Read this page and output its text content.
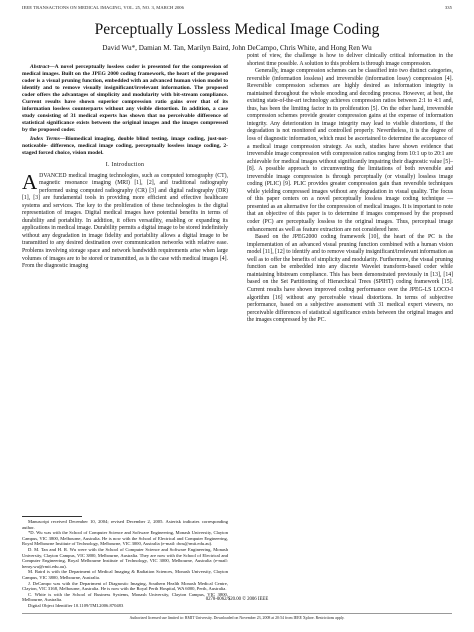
IEEE TRANSACTIONS ON MEDICAL IMAGING, VOL. 25, NO. 3, MARCH 2006	335
Perceptually Lossless Medical Image Coding
David Wu*, Damian M. Tan, Marilyn Baird, John DeCampo, Chris White, and Hong Ren Wu

Abstract—A novel perceptually lossless coder is presented for the compression of medical images. Built on the JPEG 2000 coding framework, the heart of the proposed coder is a visual pruning function, embedded with an advanced human vision model to identify and to remove visually insignificant/irrelevant information. The proposed coder offers the advantages of simplicity and modularity with bit-stream compliance. Current results have shown superior compression ratio gains over that of its information lossless counterparts without any visible distortion. In addition, a case study consisting of 31 medical experts has shown that no perceivable difference of statistical significance exists between the original images and the images compressed by the proposed coder.

Index Terms—Biomedical imaging, double blind testing, image coding, just-not-noticeable- difference, medical image coding, perceptually lossless image coding, 2-staged forced choice, vision model.

I. Introduction
A DVANCED medical imaging technologies, such as computed tomography (CT), magnetic resonance imaging (MRI) [1], [2], and traditional radiography performed using computed radiography (CR) [3] and digital radiography (DR) [1], [3] are fundamental tools in providing more efficient and effective healthcare systems and services. The key to the proliferation of these technologies is the digital representation of images. Digital medical images have potential benefits in terms of durability and portability. In addition, it offers versatility, enabling or expanding its applications in medical image. Durability permits a digital image to be stored indefinitely without any degradation in image fidelity and portability allows a digital image to be transmitted to any desired destination over communication networks with relative ease. Problems involving storage space and network bandwidth requirements arise when large volumes of images are to be stored or transmitted, as is the case with medical images [4]. From the diagnostic imaging

Manuscript received December 10, 2004; revised December 2, 2005. Asterisk indicates corresponding author.

*D. Wu was with the School of Computer Science and Software Engineering, Monash University, Clayton Campus, VIC 3800, Melbourne, Australia. He is now with the School of Electrical and Computer Engineering, Royal Melbourne Institute of Technology, Melbourne, VIC 3000, Australia (e-mail: dwu@rmit.edu.au).

D. M. Tan and H. R. Wu were with the School of Computer Science and Software Engineering, Monash University, Clayton Campus, VIC 3800, Melbourne, Australia. They are now with the School of Electrical and Computer Engineering, Royal Melbourne Institute of Technology, VIC 3000, Melbourne, Australia (e-mail: henry.wu@rmit.edu.au).

M. Baird is with the Department of Medical Imaging & Radiation Sciences, Monash University, Clayton Campus, VIC 3800, Melbourne, Australia.

J. DeCampo was with the Department of Diagnostic Imaging, Southern Health Monash Medical Centre, Clayton, VIC 3168, Melbourne, Australia. He is now with the Royal Perth Hospital, WA 6000, Perth, Australia.

C. White is with the School of Business Systems, Monash University, Clayton Campus, VIC 3800, Melbourne, Australia.

Digital Object Identifier 10.1109/TMI.2006.870483

point of view, the challenge is how to deliver clinically critical information in the shortest time possible. A solution to this problem is through image compression.

Generally, image compression schemes can be classified into two distinct categories, reversible (information lossless) and irreversible (information lossy) compression [4]. Reversible compression schemes are highly desired as information integrity is maintained throughout the whole encoding and decoding process. However, at best, the existing state-of-the-art technology achieves compression ratios between 2:1 to 4:1 and, thus, has been the limiting factor in its proliferation [5]. On the other hand, irreversible compression schemes provide greater compression gains at the expense of information integrity. Any deterioration in image integrity may lead to visible distortions, if the degradation is not monitored and controlled properly. Nevertheless, it is the degree of loss of diagnostic information, which must be ascertained to determine the acceptance of a medical image compression strategy. As such, studies have shown evidence that irreversible image compression with compression ratios ranging from 10:1 up to 20:1 are achievable for medical images without significantly impairing their diagnostic value [5]–[8]. A possible approach to circumventing the limitations of both reversible and irreversible image compression is through perceptually (or visually) lossless image coding (PLIC) [9]. PLIC provides greater compression gain than reversible techniques while yielding compressed images without any degradation in visual quality. The focus of this paper centers on a novel perceptually lossless image coding technique — presented as an alternative for the compression of medical images. It is important to note that an objective of this paper is to determine if images compressed by the proposed coder (PC) are perceptually lossless to the original images. Thus, perceptual image enhancement as well as feature extraction are not considered here.

Based on the JPEG2000 coding framework [10], the heart of the PC is the implementation of an advanced visual pruning function combined with a human vision model [11], [12] to identify and to remove visually insignificant/irrelevant information as well as to offer the benefits of simplicity and modularity. Furthermore, the visual pruning function can be embedded into any discrete Wavelet transform-based coder while maintaining bitstream compliance. This has been demonstrated previously in [13], [14] based on the Set Partitioning of Hierarchical Trees (SPIHT) coding framework [15]. Current results have shown improved coding performance over the JPEG-LS LOCO-I algorithm [16] without any perceivable visual distortions. In terms of subjective performance, based on a subjective assessment with 31 medical expert viewers, no perceivable differences of statistical significance exists between the original images and the images compressed by the PC.

0278-0062/$20.00 © 2006 IEEE
Authorized licensed use limited to: RMIT University. Downloaded on November 23, 2008 at 20:54 from IEEE Xplore. Restrictions apply.
